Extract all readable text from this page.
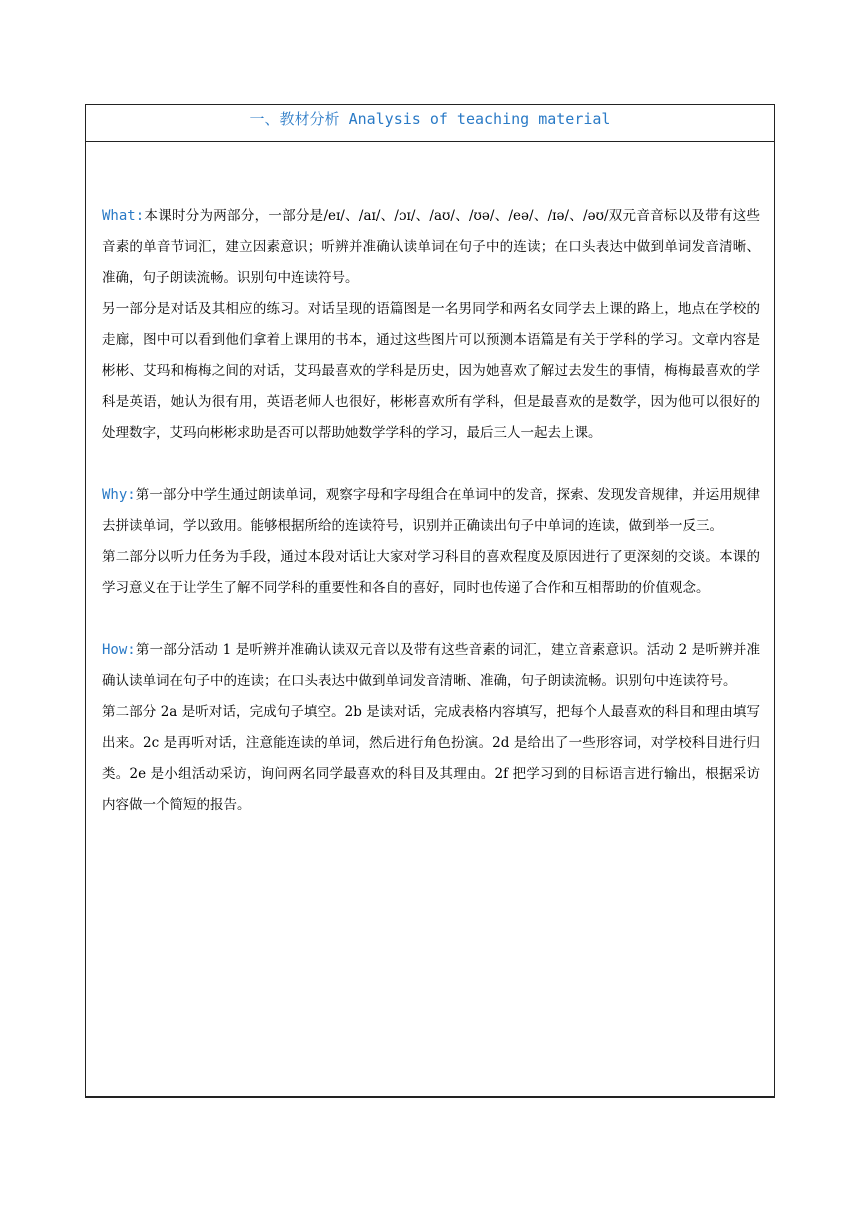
一、教材分析 Analysis of teaching material

What:本课时分为两部分，一部分是/eɪ/、/aɪ/、/ɔɪ/、/aʊ/、/ʊə/、/eə/、/ɪə/、/əʊ/双元音音标以及带有这些音素的单音节词汇，建立因素意识；听辨并准确认读单词在句子中的连读；在口头表达中做到单词发音清晰、准确，句子朗读流畅。识别句中连读符号。

另一部分是对话及其相应的练习。对话呈现的语篇图是一名男同学和两名女同学去上课的路上，地点在学校的走廊，图中可以看到他们拿着上课用的书本，通过这些图片可以预测本语篇是有关于学科的学习。文章内容是彬彬、艾玛和梅梅之间的对话，艾玛最喜欢的学科是历史，因为她喜欢了解过去发生的事情，梅梅最喜欢的学科是英语，她认为很有用，英语老师人也很好，彬彬喜欢所有学科，但是最喜欢的是数学，因为他可以很好的处理数字，艾玛向彬彬求助是否可以帮助她数学学科的学习，最后三人一起去上课。

Why:第一部分中学生通过朗读单词，观察字母和字母组合在单词中的发音，探索、发现发音规律，并运用规律去拼读单词，学以致用。能够根据所给的连读符号，识别并正确读出句子中单词的连读，做到举一反三。

第二部分以听力任务为手段，通过本段对话让大家对学习科目的喜欢程度及原因进行了更深刻的交谈。本课的学习意义在于让学生了解不同学科的重要性和各自的喜好，同时也传递了合作和互相帮助的价值观念。

How:第一部分活动 1 是听辨并准确认读双元音以及带有这些音素的词汇，建立音素意识。活动 2 是听辨并准确认读单词在句子中的连读；在口头表达中做到单词发音清晰、准确，句子朗读流畅。识别句中连读符号。

第二部分 2a 是听对话，完成句子填空。2b 是读对话，完成表格内容填写，把每个人最喜欢的科目和理由填写出来。2c 是再听对话，注意能连读的单词，然后进行角色扮演。2d 是给出了一些形容词，对学校科目进行归类。2e 是小组活动采访，询问两名同学最喜欢的科目及其理由。2f 把学习到的目标语言进行输出，根据采访内容做一个简短的报告。
